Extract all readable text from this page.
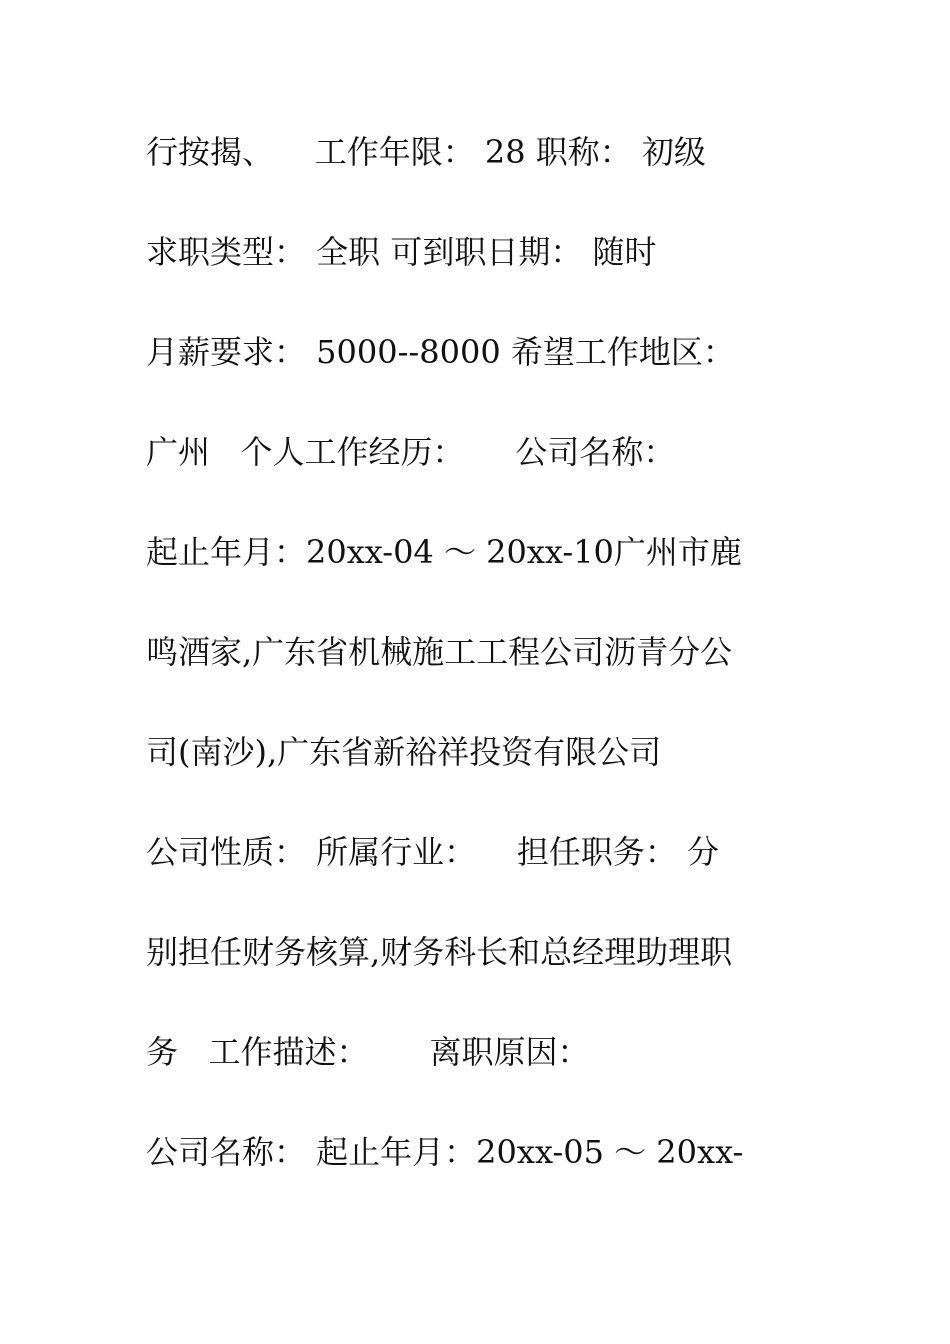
行按揭、    工作年限： 28 职称： 初级
求职类型： 全职 可到职日期： 随时
月薪要求： 5000--8000 希望工作地区：
广州   个人工作经历：     公司名称：
起止年月：20xx-04 ～ 20xx-10广州市鹿
鸣酒家,广东省机械施工工程公司沥青分公
司(南沙),广东省新裕祥投资有限公司
公司性质： 所属行业：    担任职务： 分
别担任财务核算,财务科长和总经理助理职
务   工作描述：      离职原因：
公司名称： 起止年月：20xx-05 ～ 20xx-
